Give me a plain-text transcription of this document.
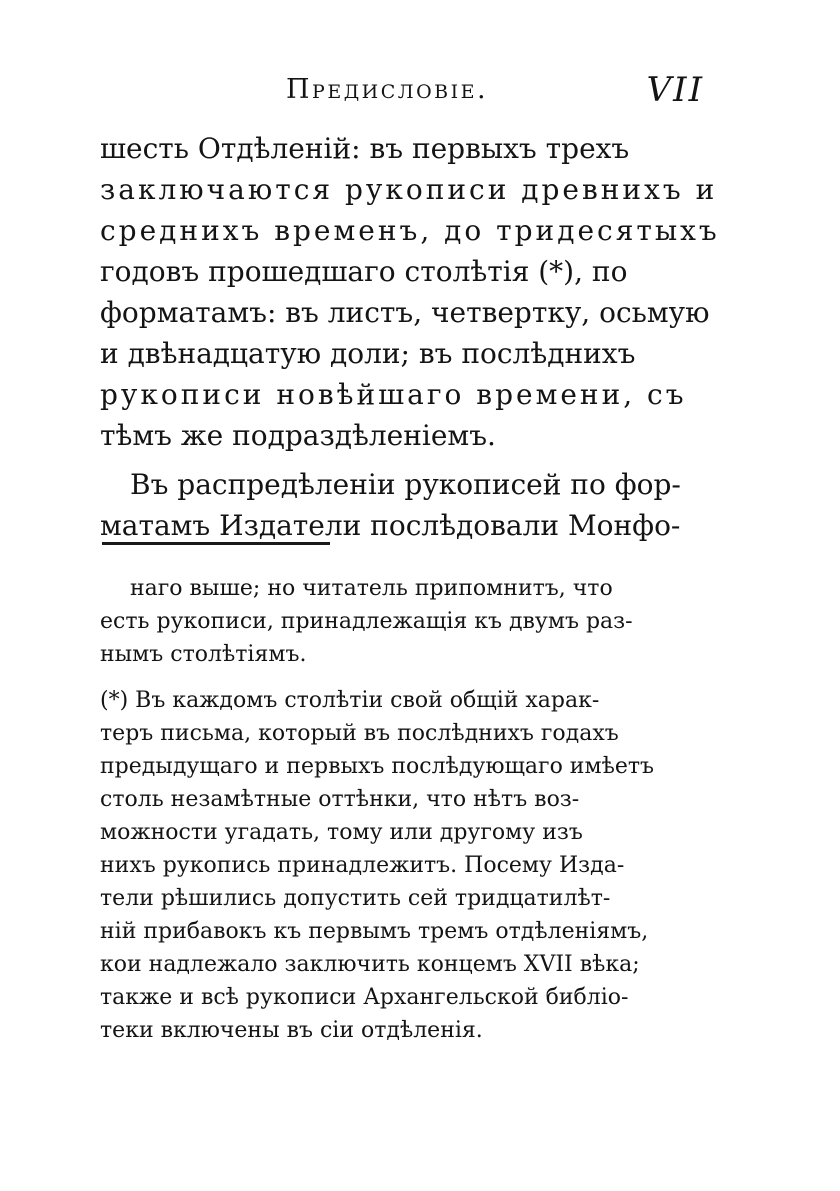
Предисловіе.	VII
шесть Отдѣленій: въ первыхъ трехъ
заключаются рукописи древнихъ и
среднихъ временъ, до тридесятыхъ
годовъ прошедшаго столѣтія (*), по
форматамъ: въ листъ, четвертку, осьмую
и двѣнадцатую доли; въ послѣднихъ
рукописи новѣйшаго времени, съ
тѣмъ же подраздѣленіемъ.
Въ распредѣленіи рукописей по фор-
матамъ Издатели послѣдовали Монфо-
наго выше; но читатель припомнитъ, что
есть рукописи, принадлежащія къ двумъ раз-
нымъ столѣтіямъ.
(*) Въ каждомъ столѣтіи свой общій харак-
теръ письма, который въ послѣднихъ годахъ
предыдущаго и первыхъ послѣдующаго имѣетъ
столь незамѣтные оттѣнки, что нѣтъ воз-
можности угадать, тому или другому изъ
нихъ рукопись принадлежитъ. Посему Изда-
тели рѣшились допустить сей тридцатилѣт-
ній прибавокъ къ первымъ тремъ отдѣленіямъ,
кои надлежало заключить концемъ XVII вѣка;
также и всѣ рукописи Архангельской библіо-
теки включены въ сіи отдѣленія.
